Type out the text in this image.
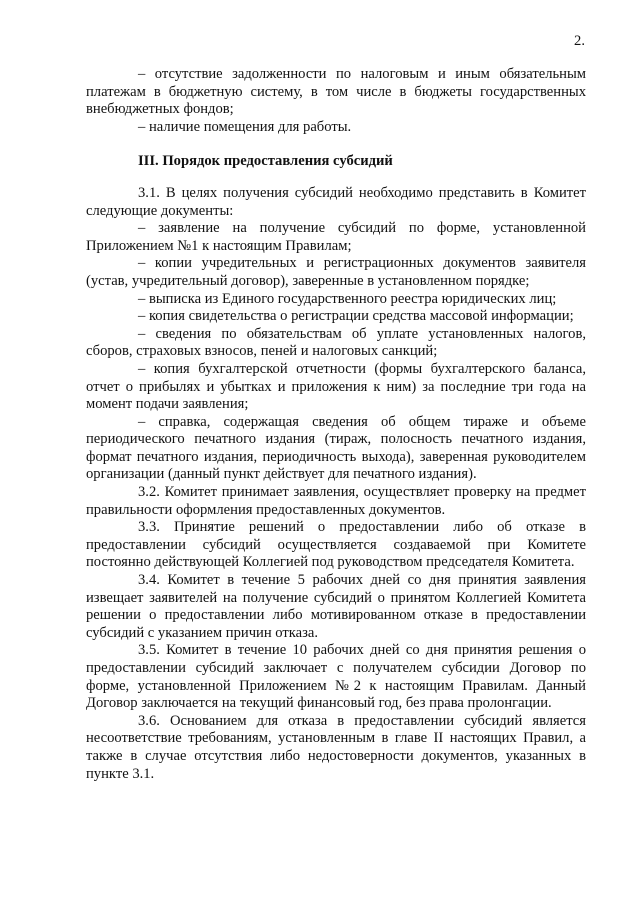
2.

– отсутствие задолженности по налоговым и иным обязательным платежам в бюджетную систему, в том числе в бюджеты государственных внебюджетных фондов;

– наличие помещения для работы.

III. Порядок предоставления субсидий

3.1. В целях получения субсидий необходимо представить в Комитет следующие документы:

– заявление на получение субсидий по форме, установленной Приложением №1 к настоящим Правилам;

– копии учредительных и регистрационных документов заявителя (устав, учредительный договор), заверенные в установленном порядке;

– выписка из Единого государственного реестра юридических лиц;

– копия свидетельства о регистрации средства массовой информации;

– сведения по обязательствам об уплате установленных налогов, сборов, страховых взносов, пеней и налоговых санкций;

– копия бухгалтерской отчетности (формы бухгалтерского баланса, отчет о прибылях и убытках и приложения к ним) за последние три года на момент подачи заявления;

– справка, содержащая сведения об общем тираже и объеме периодического печатного издания (тираж, полосность печатного издания, формат печатного издания, периодичность выхода), заверенная руководителем организации (данный пункт действует для печатного издания).

3.2. Комитет принимает заявления, осуществляет проверку на предмет правильности оформления предоставленных документов.

3.3. Принятие решений о предоставлении либо об отказе в предоставлении субсидий осуществляется создаваемой при Комитете постоянно действующей Коллегией под руководством председателя Комитета.

3.4. Комитет в течение 5 рабочих дней со дня принятия заявления извещает заявителей на получение субсидий о принятом Коллегией Комитета решении о предоставлении либо мотивированном отказе в предоставлении субсидий с указанием причин отказа.

3.5. Комитет в течение 10 рабочих дней со дня принятия решения о предоставлении субсидий заключает с получателем субсидии Договор по форме, установленной Приложением №2 к настоящим Правилам. Данный Договор заключается на текущий финансовый год, без права пролонгации.

3.6. Основанием для отказа в предоставлении субсидий является несоответствие требованиям, установленным в главе II настоящих Правил, а также в случае отсутствия либо недостоверности документов, указанных в пункте 3.1.
